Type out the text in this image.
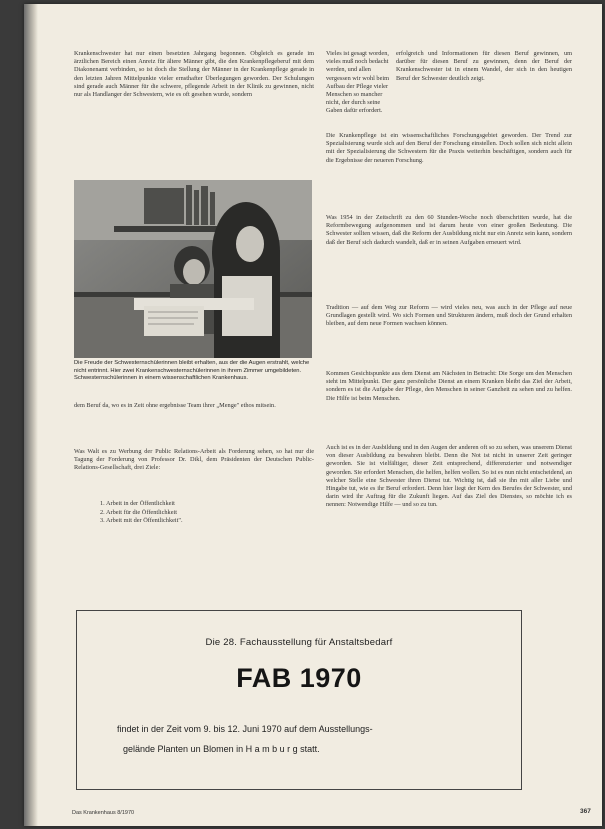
Krankenschwester hat nur einen besetzten Jahrgang begonnen. Obgleich es gerade im ärztlichen Bereich einen Anreiz für ältere Männer gibt, die den Krankenpflegeberuf mit dem Diakonenamt verbinden, so ist doch die Stellung der Männer in der Krankenpflege gerade in den letzten Jahren Mittelpunkte vieler ernsthafter Überlegungen geworden. Der Schulungen sind gerade auch Männer für die schwere, pflegende Arbeit in der Klinik zu gewinnen, nicht nur als Handlanger der Schwestern, wie es oft gesehen wurde, sondern

Vieles ist gesagt worden, vieles muß noch bedacht werden, und allen vergessen wir wohl beim Aufbau der Pflege vieler Menschen so mancher nicht, der durch seine Gaben dafür erfordert.

erfolgreich und Informationen für diesen Beruf gewinnen, um darüber für diesen Beruf zu gewinnen, denn der Beruf der Krankenschwester ist in einem Wandel, der sich in den heutigen Beruf der Schwester deutlich zeigt.

Die Krankenpflege ist ein wissenschaftliches Forschungsgebiet geworden. Der Trend zur Spezialisierung wurde sich auf den Beruf der Forschung einstellen. Doch sollen sich nicht allein mit der Spezialisierung die Schwestern für die Praxis weiterhin beschäftigen, sondern auch für die Ergebnisse der neueren Forschung.

Was 1954 in der Zeitschrift zu den 60 Stunden-Woche noch überschritten wurde, hat die Reformbewegung aufgenommen und ist darum heute von einer großen Bedeutung. Die Schwester sollten wissen, daß die Reform der Ausbildung nicht nur ein Anreiz sein kann, sondern daß der Beruf sich dadurch wandelt, daß er in seinen Aufgaben erneuert wird.

Tradition — auf dem Weg zur Reform — wird vieles neu, was auch in der Pflege auf neue Grundlagen gestellt wird. Wo sich Formen und Strukturen ändern, muß doch der Grund erhalten bleiben, auf dem neue Formen wachsen können.

Kommen Gesichtspunkte aus dem Dienst am Nächsten in Betracht: Die Sorge um den Menschen steht im Mittelpunkt. Der ganz persönliche Dienst an einem Kranken bleibt das Ziel der Arbeit, sondern es ist die Aufgabe der Pflege, den Menschen in seiner Ganzheit zu sehen und zu helfen. Die Hilfe ist beim Menschen.

Auch ist es in der Ausbildung und in den Augen der anderen oft so zu sehen, was unserem Dienst von dieser Ausbildung zu bewahren bleibt. Denn die Not ist nicht in unserer Zeit geringer geworden. Sie ist vielfältiger, dieser Zeit entsprechend, differenzierter und notwendiger geworden. Sie erfordert Menschen, die helfen, helfen wollen. So ist es nun nicht entscheidend, an welcher Stelle eine Schwester ihren Dienst tut. Wichtig ist, daß sie ihn mit aller Liebe und Hingabe tut, wie es ihr Beruf erfordert. Denn hier liegt der Kern des Berufes der Schwester, und darin wird ihr Auftrag für die Zukunft liegen. Auf das Ziel des Dienstes, so möchte ich es nennen: Notwendige Hilfe — und so zu tun.

Die Freude der Schwesternschülerinnen bleibt erhalten, aus der die Augen erstrahlt, welche nicht entrinnt. Hier zwei Krankenschwesternschülerinnen in ihrem Zimmer umgebildeten. Schwesternschülerinnen in einem wissenschaftlichen Krankenhaus.

dem Beruf da, wo es in Zeit ohne ergebnisse Team ihrer „Menge" ethos mitsein.

Was Walt es zu Werbung der Public Relations-Arbeit als Forderung sehen, so hat nur die Tagung der Forderung von Professor Dr. Dikl, dem Präsidenten der Deutschen Public-Relations-Gesellschaft, drei Ziele:

1. Arbeit in der Öffentlichkeit
2. Arbeit für die Öffentlichkeit
3. Arbeit mit der Öffentlichkeit".
Die 28. Fachausstellung für Anstaltsbedarf
FAB 1970
findet in der Zeit vom 9. bis 12. Juni 1970 auf dem Ausstellungs-
gelände Planten un Blomen in H a m b u r g statt.
Das Krankenhaus 8/1970	367
